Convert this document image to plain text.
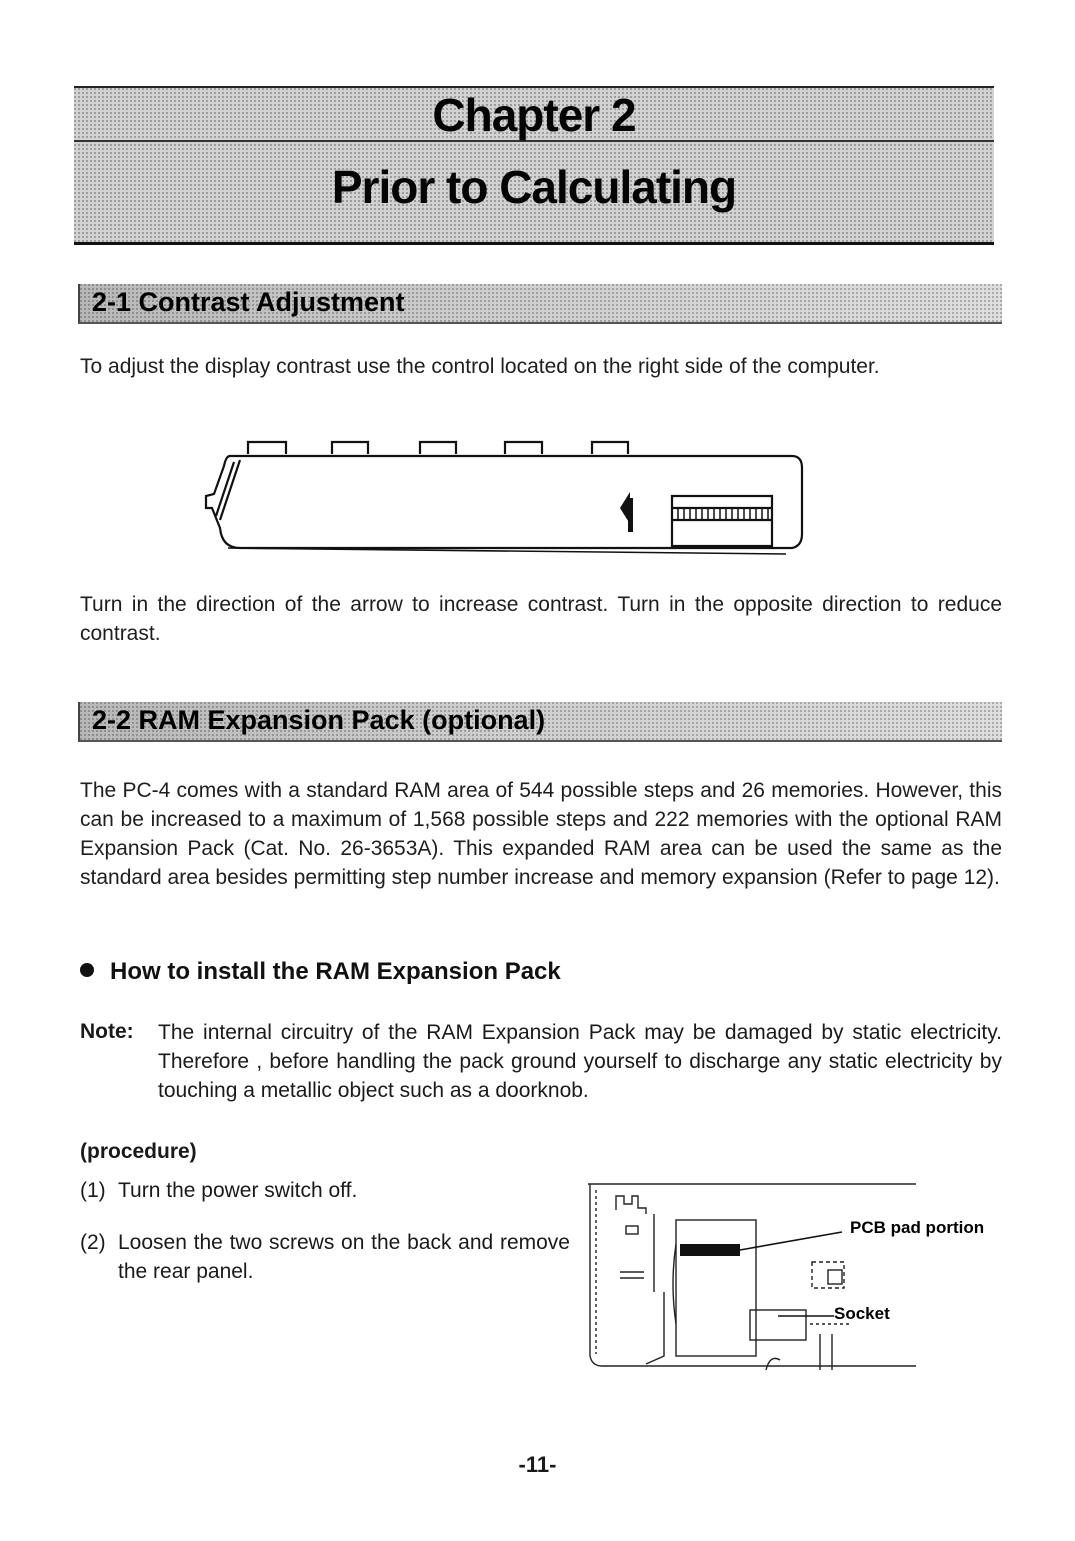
Chapter 2
Prior to Calculating
2-1 Contrast Adjustment
To adjust the display contrast use the control located on the right side of the computer.
Turn in the direction of the arrow to increase contrast. Turn in the opposite direction to reduce contrast.
2-2 RAM Expansion Pack (optional)
The PC-4 comes with a standard RAM area of 544 possible steps and 26 memories. However, this can be increased to a maximum of 1,568 possible steps and 222 memories with the optional RAM Expansion Pack (Cat. No. 26-3653A). This expanded RAM area can be used the same as the standard area besides permitting step number increase and memory expansion (Refer to page 12).
How to install the RAM Expansion Pack
Note: The internal circuitry of the RAM Expansion Pack may be damaged by static electricity. Therefore , before handling the pack ground yourself to discharge any static electricity by touching a metallic object such as a doorknob.
(procedure)
(1) Turn the power switch off.
(2) Loosen the two screws on the back and remove the rear panel.
PCB pad portion
Socket
-11-
